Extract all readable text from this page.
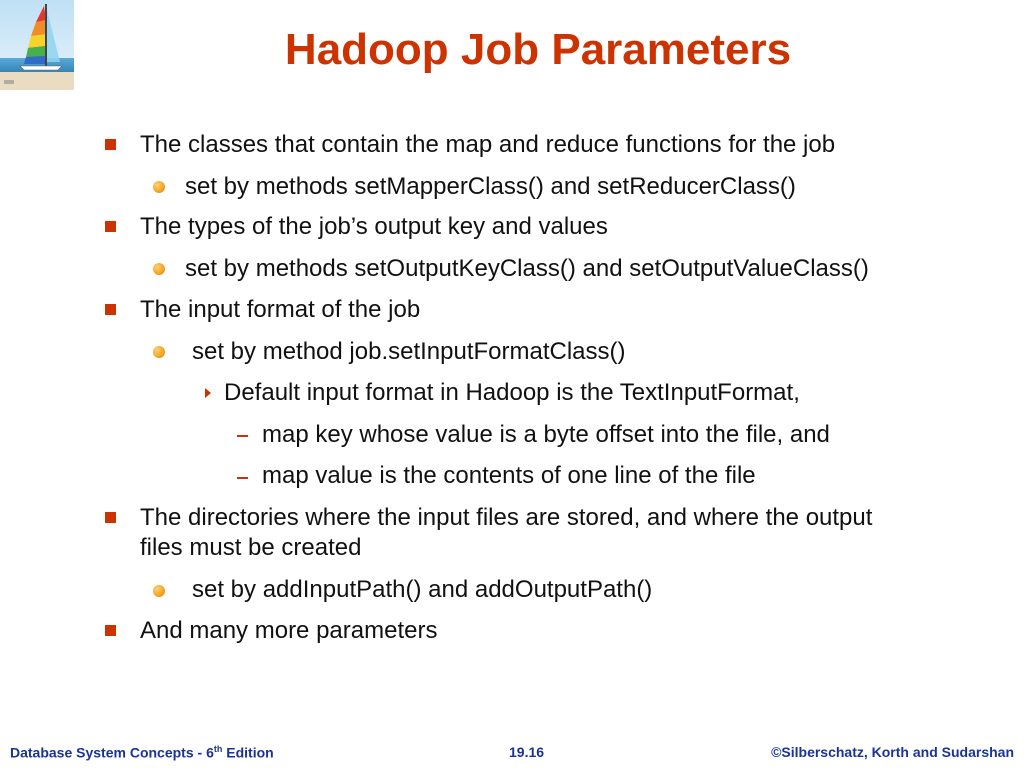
Hadoop Job Parameters
The classes that contain the map and reduce functions for the job
set by methods setMapperClass() and setReducerClass()
The types of the job’s output key and values
set by methods setOutputKeyClass() and setOutputValueClass()
The input format of the job
set by method job.setInputFormatClass()
Default input format in Hadoop is the TextInputFormat,
map key whose value is a byte offset into the file, and
map value is the contents of one line of the file
The directories where the input files are stored, and where the output
files must be created
set by addInputPath() and addOutputPath()
And many more parameters
Database System Concepts - 6th Edition	19.16	©Silberschatz, Korth and Sudarshan
